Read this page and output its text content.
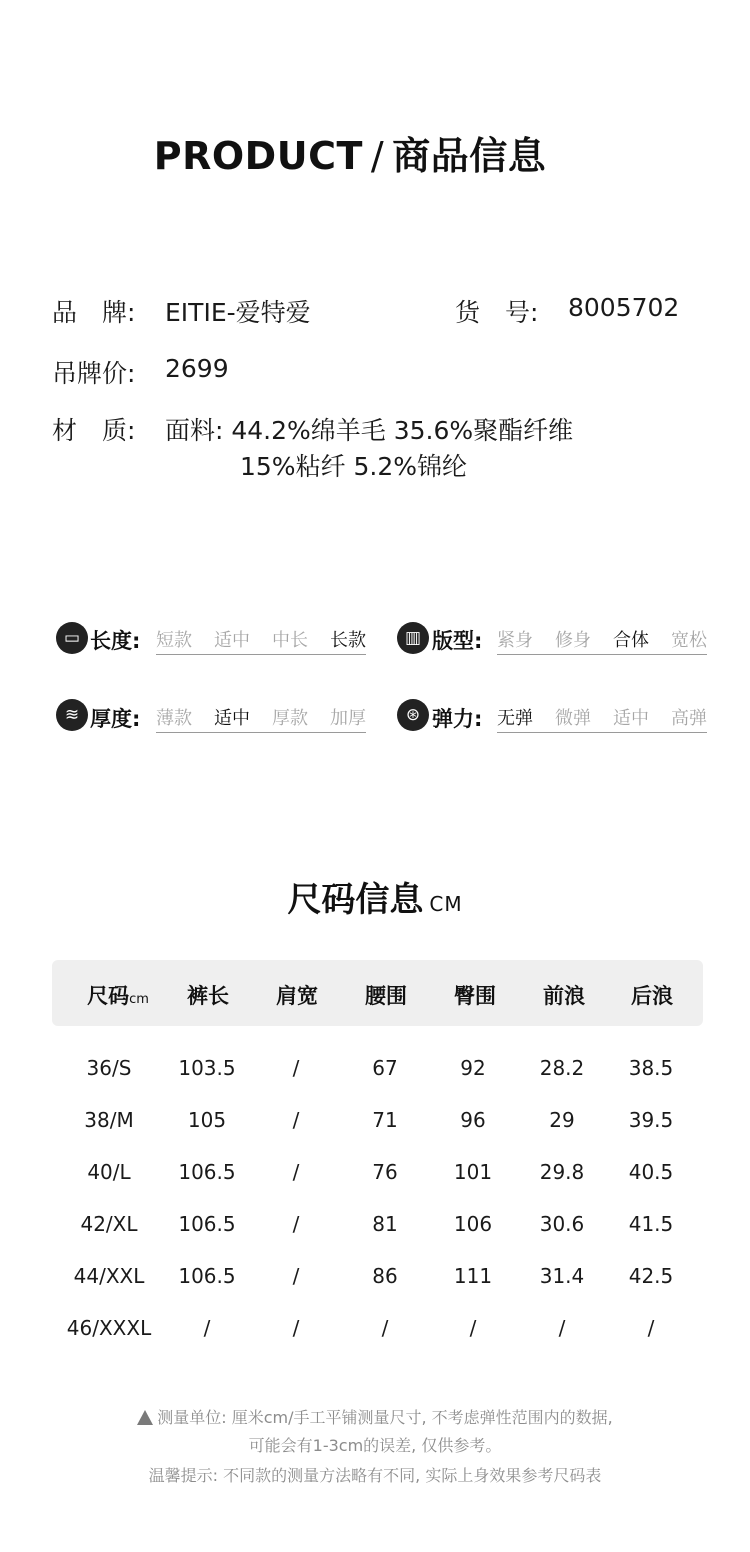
PRODUCT / 商品信息
品　牌: EITIE-爱特爱	货　号: 8005702
吊牌价: 2699
材　质: 面料: 44.2%绵羊毛 35.6%聚酯纤维
15%粘纤 5.2%锦纶
▭ 长度: 短款 适中 中长 长款	▥ 版型: 紧身 修身 合体 宽松
≋ 厚度: 薄款 适中 厚款 加厚	⊛ 弹力: 无弹 微弹 适中 高弹
尺码信息 CM
尺码cm	裤长	肩宽	腰围	臀围	前浪	后浪
36/S	103.5	/	67	92	28.2	38.5
38/M	105	/	71	96	29	39.5
40/L	106.5	/	76	101	29.8	40.5
42/XL	106.5	/	81	106	30.6	41.5
44/XXL	106.5	/	86	111	31.4	42.5
46/XXXL	/	/	/	/	/	/
测量单位: 厘米cm/手工平铺测量尺寸, 不考虑弹性范围内的数据,
可能会有1-3cm的误差, 仅供参考。
温馨提示: 不同款的测量方法略有不同, 实际上身效果参考尺码表
